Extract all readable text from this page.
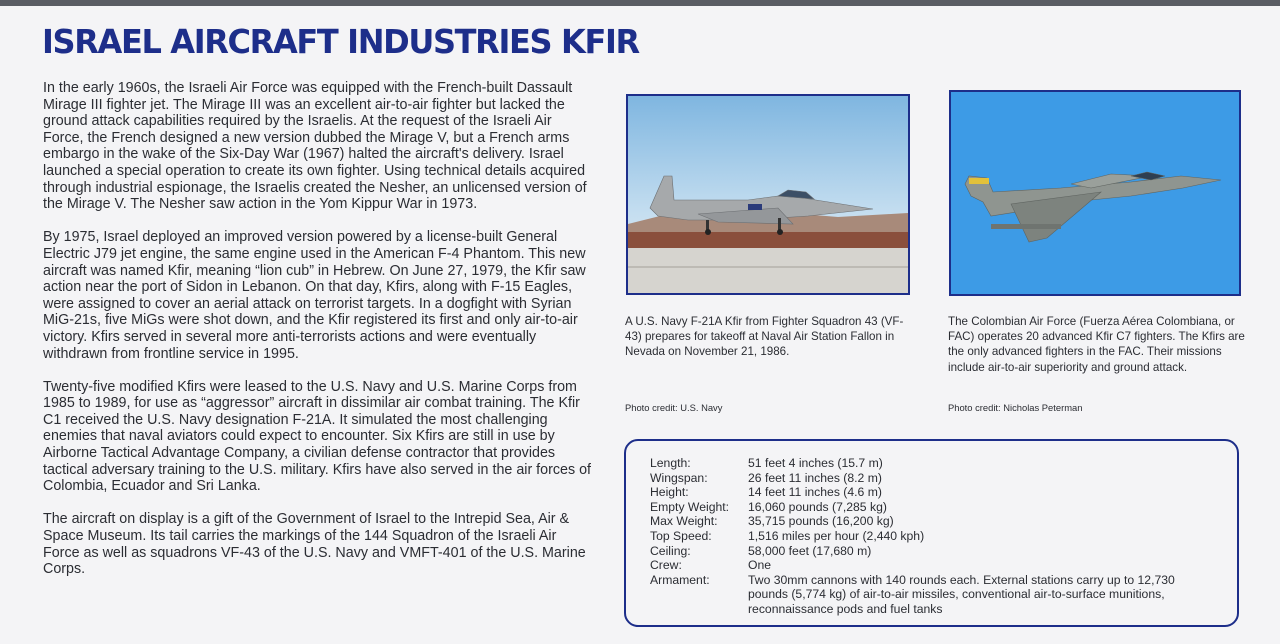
ISRAEL AIRCRAFT INDUSTRIES KFIR

In the early 1960s, the Israeli Air Force was equipped with the French-built Dassault Mirage III fighter jet. The Mirage III was an excellent air-to-air fighter but lacked the ground attack capabilities required by the Israelis. At the request of the Israeli Air Force, the French designed a new version dubbed the Mirage V, but a French arms embargo in the wake of the Six-Day War (1967) halted the aircraft's delivery. Israel launched a special operation to create its own fighter. Using technical details acquired through industrial espionage, the Israelis created the Nesher, an unlicensed version of the Mirage V. The Nesher saw action in the Yom Kippur War in 1973.

By 1975, Israel deployed an improved version powered by a license-built General Electric J79 jet engine, the same engine used in the American F-4 Phantom. This new aircraft was named Kfir, meaning “lion cub” in Hebrew. On June 27, 1979, the Kfir saw action near the port of Sidon in Lebanon. On that day, Kfirs, along with F-15 Eagles, were assigned to cover an aerial attack on terrorist targets. In a dogfight with Syrian MiG-21s, five MiGs were shot down, and the Kfir registered its first and only air-to-air victory. Kfirs served in several more anti-terrorists actions and were eventually withdrawn from frontline service in 1995.

Twenty-five modified Kfirs were leased to the U.S. Navy and U.S. Marine Corps from 1985 to 1989, for use as “aggressor” aircraft in dissimilar air combat training. The Kfir C1 received the U.S. Navy designation F-21A. It simulated the most challenging enemies that naval aviators could expect to encounter. Six Kfirs are still in use by Airborne Tactical Advantage Company, a civilian defense contractor that provides tactical adversary training to the U.S. military. Kfirs have also served in the air forces of Colombia, Ecuador and Sri Lanka.

The aircraft on display is a gift of the Government of Israel to the Intrepid Sea, Air & Space Museum. Its tail carries the markings of the 144 Squadron of the Israeli Air Force as well as squadrons VF-43 of the U.S. Navy and VMFT-401 of the U.S. Marine Corps.

A U.S. Navy F-21A Kfir from Fighter Squadron 43 (VF-43) prepares for takeoff at Naval Air Station Fallon in Nevada on November 21, 1986.
Photo credit: U.S. Navy
The Colombian Air Force (Fuerza Aérea Colombiana, or FAC) operates 20 advanced Kfir C7 fighters. The Kfirs are the only advanced fighters in the FAC. Their missions include air-to-air superiority and ground attack.
Photo credit: Nicholas Peterman
Length:	51 feet 4 inches (15.7 m)
Wingspan:	26 feet 11 inches (8.2 m)
Height:	14 feet 11 inches (4.6 m)
Empty Weight:	16,060 pounds (7,285 kg)
Max Weight:	35,715 pounds (16,200 kg)
Top Speed:	1,516 miles per hour (2,440 kph)
Ceiling:	58,000 feet (17,680 m)
Crew:	One
Armament:	Two 30mm cannons with 140 rounds each. External stations carry up to 12,730 pounds (5,774 kg) of air-to-air missiles, conventional air-to-surface munitions, reconnaissance pods and fuel tanks
